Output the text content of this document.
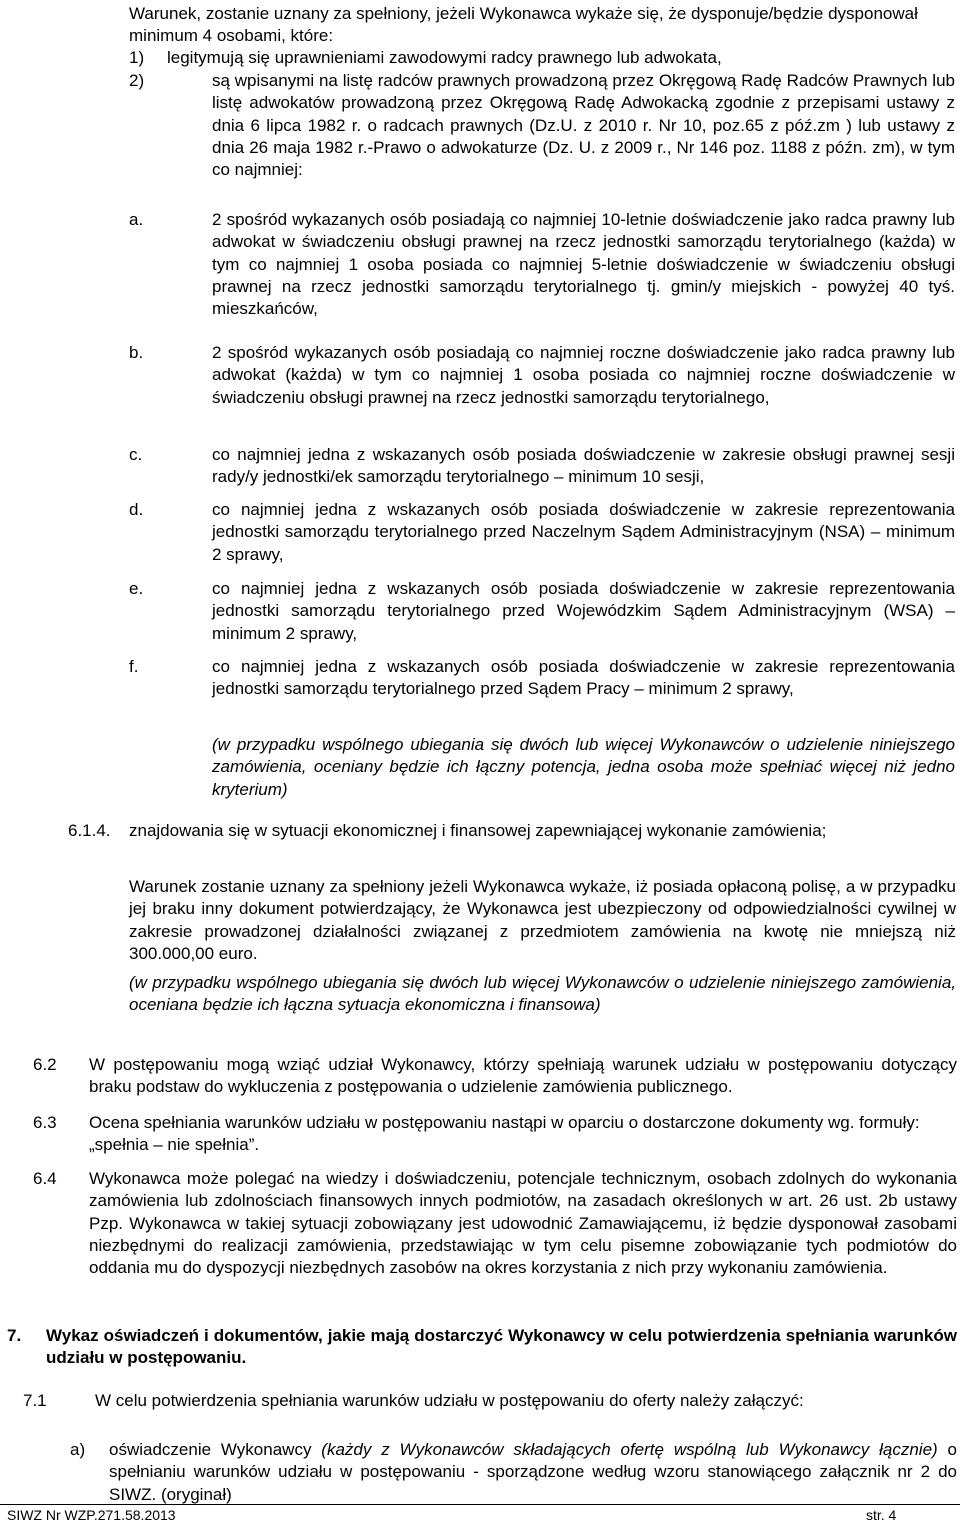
Warunek, zostanie uznany za spełniony, jeżeli Wykonawca wykaże się, że dysponuje/będzie dysponował minimum 4 osobami, które:
1) legitymują się uprawnieniami zawodowymi radcy prawnego lub adwokata,
2)	są wpisanymi na listę radców prawnych prowadzoną przez Okręgową Radę Radców Prawnych lub listę adwokatów prowadzoną przez Okręgową Radę Adwokacką zgodnie z przepisami ustawy z dnia 6 lipca 1982 r. o radcach prawnych (Dz.U. z 2010 r. Nr 10, poz.65 z póź.zm ) lub ustawy z dnia 26 maja 1982 r.-Prawo o adwokaturze (Dz. U. z 2009 r., Nr 146 poz. 1188 z późn. zm), w tym co najmniej:
a.	2 spośród wykazanych osób posiadają co najmniej 10-letnie doświadczenie jako radca prawny lub adwokat w świadczeniu obsługi prawnej na rzecz jednostki samorządu terytorialnego (każda) w tym co najmniej 1 osoba posiada co najmniej 5-letnie doświadczenie w świadczeniu obsługi prawnej na rzecz jednostki samorządu terytorialnego tj. gmin/y miejskich - powyżej 40 tyś. mieszkańców,
b.	2 spośród wykazanych osób posiadają co najmniej roczne doświadczenie jako radca prawny lub adwokat (każda) w tym co najmniej 1 osoba posiada co najmniej roczne doświadczenie w świadczeniu obsługi prawnej na rzecz jednostki samorządu terytorialnego,
c.	co najmniej jedna z wskazanych osób posiada doświadczenie w zakresie obsługi prawnej sesji rady/y jednostki/ek samorządu terytorialnego – minimum 10 sesji,
d.	co najmniej jedna z wskazanych osób posiada doświadczenie w zakresie reprezentowania jednostki samorządu terytorialnego przed Naczelnym Sądem Administracyjnym (NSA) – minimum 2 sprawy,
e.	co najmniej jedna z wskazanych osób posiada doświadczenie w zakresie reprezentowania jednostki samorządu terytorialnego przed Wojewódzkim Sądem Administracyjnym (WSA) – minimum 2 sprawy,
f.	co najmniej jedna z wskazanych osób posiada doświadczenie w zakresie reprezentowania jednostki samorządu terytorialnego przed Sądem Pracy – minimum 2 sprawy,
(w przypadku wspólnego ubiegania się dwóch lub więcej Wykonawców o udzielenie niniejszego zamówienia, oceniany będzie ich łączny potencja, jedna osoba może spełniać więcej niż jedno kryterium)
6.1.4. znajdowania się w sytuacji ekonomicznej i finansowej zapewniającej wykonanie zamówienia;
Warunek zostanie uznany za spełniony jeżeli Wykonawca wykaże, iż posiada opłaconą polisę, a w przypadku jej braku inny dokument potwierdzający, że Wykonawca jest ubezpieczony od odpowiedzialności cywilnej w zakresie prowadzonej działalności związanej z przedmiotem zamówienia na kwotę nie mniejszą niż 300.000,00 euro.
(w przypadku wspólnego ubiegania się dwóch lub więcej Wykonawców o udzielenie niniejszego zamówienia, oceniana będzie ich łączna sytuacja ekonomiczna i finansowa)
6.2 W postępowaniu mogą wziąć udział Wykonawcy, którzy spełniają warunek udziału w postępowaniu dotyczący braku podstaw do wykluczenia z postępowania o udzielenie zamówienia publicznego.
6.3 Ocena spełniania warunków udziału w postępowaniu nastąpi w oparciu o dostarczone dokumenty wg. formuły: „spełnia – nie spełnia”.
6.4 Wykonawca może polegać na wiedzy i doświadczeniu, potencjale technicznym, osobach zdolnych do wykonania zamówienia lub zdolnościach finansowych innych podmiotów, na zasadach określonych w art. 26 ust. 2b ustawy Pzp. Wykonawca w takiej sytuacji zobowiązany jest udowodnić Zamawiającemu, iż będzie dysponował zasobami niezbędnymi do realizacji zamówienia, przedstawiając w tym celu pisemne zobowiązanie tych podmiotów do oddania mu do dyspozycji niezbędnych zasobów na okres korzystania z nich przy wykonaniu zamówienia.
7. Wykaz oświadczeń i dokumentów, jakie mają dostarczyć Wykonawcy w celu potwierdzenia spełniania warunków udziału w postępowaniu.
7.1	W celu potwierdzenia spełniania warunków udziału w postępowaniu do oferty należy załączyć:
a) oświadczenie Wykonawcy (każdy z Wykonawców składających ofertę wspólną lub Wykonawcy łącznie) o spełnianiu warunków udziału w postępowaniu - sporządzone według wzoru stanowiącego załącznik nr 2 do SIWZ. (oryginał)
SIWZ Nr WZP.271.58.2013	str. 4
